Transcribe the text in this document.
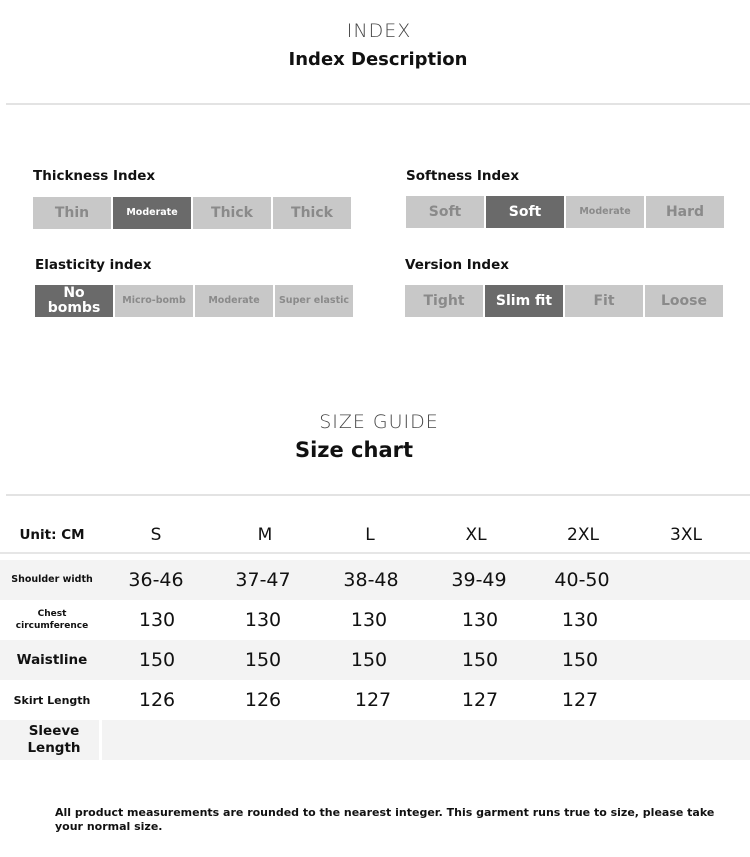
INDEX
Index Description
Thickness Index
Thin	Moderate	Thick	Thick
Softness Index
Soft	Soft	Moderate	Hard
Elasticity index
No bombs	Micro-bomb	Moderate	Super elastic
Version Index
Tight	Slim fit	Fit	Loose
SIZE GUIDE
Size chart
Unit: CM	S	M	L	XL	2XL	3XL
Shoulder width	36-46	37-47	38-48	39-49	40-50
Chest circumference	130	130	130	130	130
Waistline	150	150	150	150	150
Skirt Length	126	126	127	127	127
Sleeve Length
All product measurements are rounded to the nearest integer. This garment runs true to size, please take your normal size.
